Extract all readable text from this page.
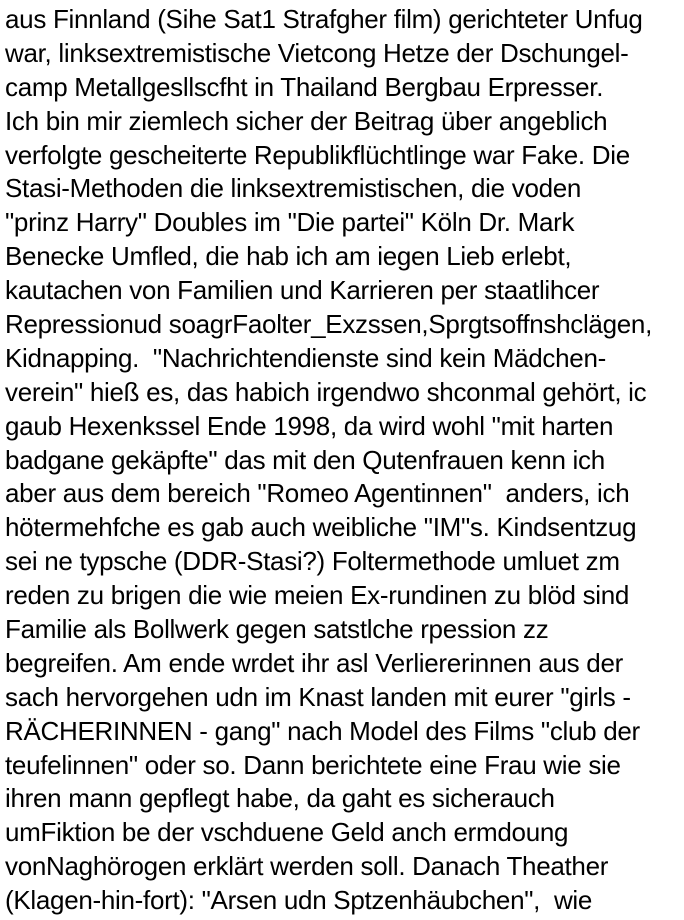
aus Finnland (Sihe Sat1 Strafgher film) gerichteter Unfug
war, linksextremistische Vietcong Hetze der Dschungel-
camp Metallgesllscfht in Thailand Bergbau Erpresser.
Ich bin mir ziemlech sicher der Beitrag über angeblich
verfolgte gescheiterte Republikflüchtlinge war Fake. Die
Stasi-Methoden die linksextremistischen, die voden
"prinz Harry" Doubles im "Die partei" Köln Dr. Mark
Benecke Umfled, die hab ich am iegen Lieb erlebt,
kautachen von Familien und Karrieren per staatlihcer
Repressionud soagrFaolter_Exzssen,Sprgtsoffnshclägen,
Kidnapping.  "Nachrichtendienste sind kein Mädchen-
verein" hieß es, das habich irgendwo shconmal gehört, ic
gaub Hexenkssel Ende 1998, da wird wohl "mit harten
badgane gekäpfte" das mit den Qutenfrauen kenn ich
aber aus dem bereich "Romeo Agentinnen"  anders, ich
hötermehfche es gab auch weibliche "IM"s. Kindsentzug
sei ne typsche (DDR-Stasi?) Foltermethode umluet zm
reden zu brigen die wie meien Ex-rundinen zu blöd sind
Familie als Bollwerk gegen satstlche rpession zz
begreifen. Am ende wrdet ihr asl Verliererinnen aus der
sach hervorgehen udn im Knast landen mit eurer "girls -
RÄCHERINNEN - gang" nach Model des Films "club der
teufelinnen" oder so. Dann berichtete eine Frau wie sie
ihren mann gepflegt habe, da gaht es sicherauch
umFiktion be der vschduene Geld anch ermdoung
vonNaghörogen erklärt werden soll. Danach Theather
(Klagen-hin-fort): "Arsen udn Sptzenhäubchen",  wie
